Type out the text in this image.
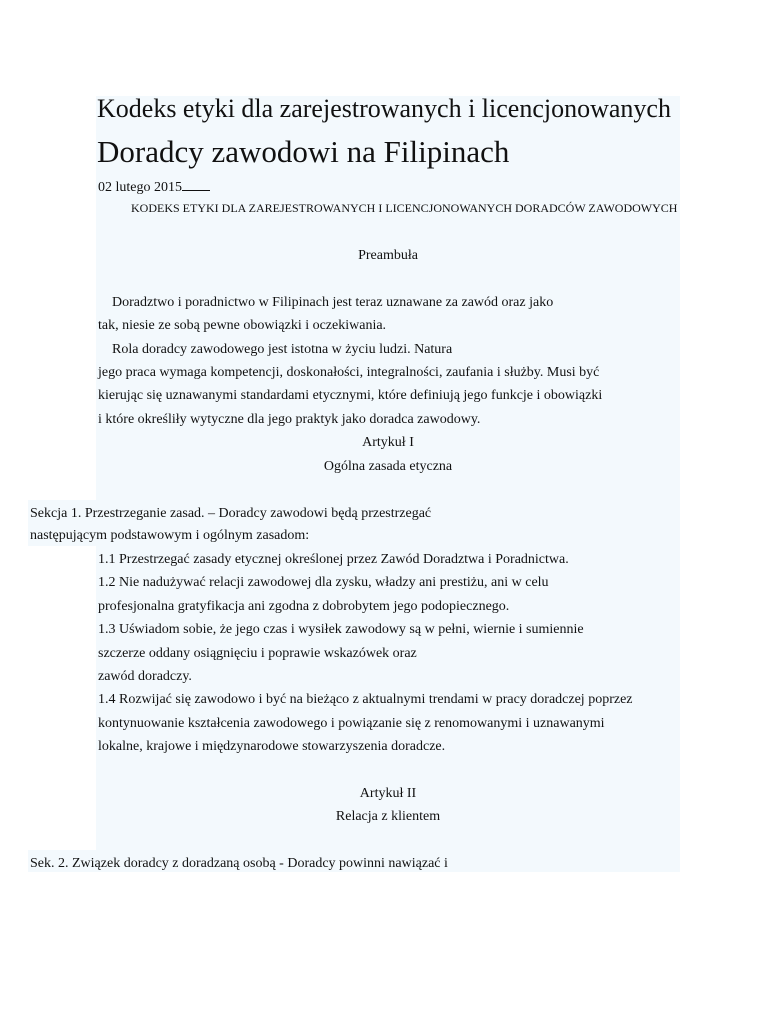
Kodeks etyki dla zarejestrowanych i licencjonowanych
Doradcy zawodowi na Filipinach
02 lutego 2015
KODEKS ETYKI DLA ZAREJESTROWANYCH I LICENCJONOWANYCH DORADCÓW ZAWODOWYCH
Preambuła
Doradztwo i poradnictwo w Filipinach jest teraz uznawane za zawód oraz jako
tak, niesie ze sobą pewne obowiązki i oczekiwania.
Rola doradcy zawodowego jest istotna w życiu ludzi. Natura
jego praca wymaga kompetencji, doskonałości, integralności, zaufania i służby. Musi być
kierując się uznawanymi standardami etycznymi, które definiują jego funkcje i obowiązki
i które określiły wytyczne dla jego praktyk jako doradca zawodowy.
Artykuł I
Ogólna zasada etyczna
Sekcja 1. Przestrzeganie zasad. – Doradcy zawodowi będą przestrzegać
następującym podstawowym i ogólnym zasadom:
1.1 Przestrzegać zasady etycznej określonej przez Zawód Doradztwa i Poradnictwa.
1.2 Nie nadużywać relacji zawodowej dla zysku, władzy ani prestiżu, ani w celu
profesjonalna gratyfikacja ani zgodna z dobrobytem jego podopiecznego.
1.3 Uświadom sobie, że jego czas i wysiłek zawodowy są w pełni, wiernie i sumiennie
szczerze oddany osiągnięciu i poprawie wskazówek oraz
zawód doradczy.
1.4 Rozwijać się zawodowo i być na bieżąco z aktualnymi trendami w pracy doradczej poprzez
kontynuowanie kształcenia zawodowego i powiązanie się z renomowanymi i uznawanymi
lokalne, krajowe i międzynarodowe stowarzyszenia doradcze.
Artykuł II
Relacja z klientem
Sek. 2. Związek doradcy z doradzaną osobą - Doradcy powinni nawiązać i
